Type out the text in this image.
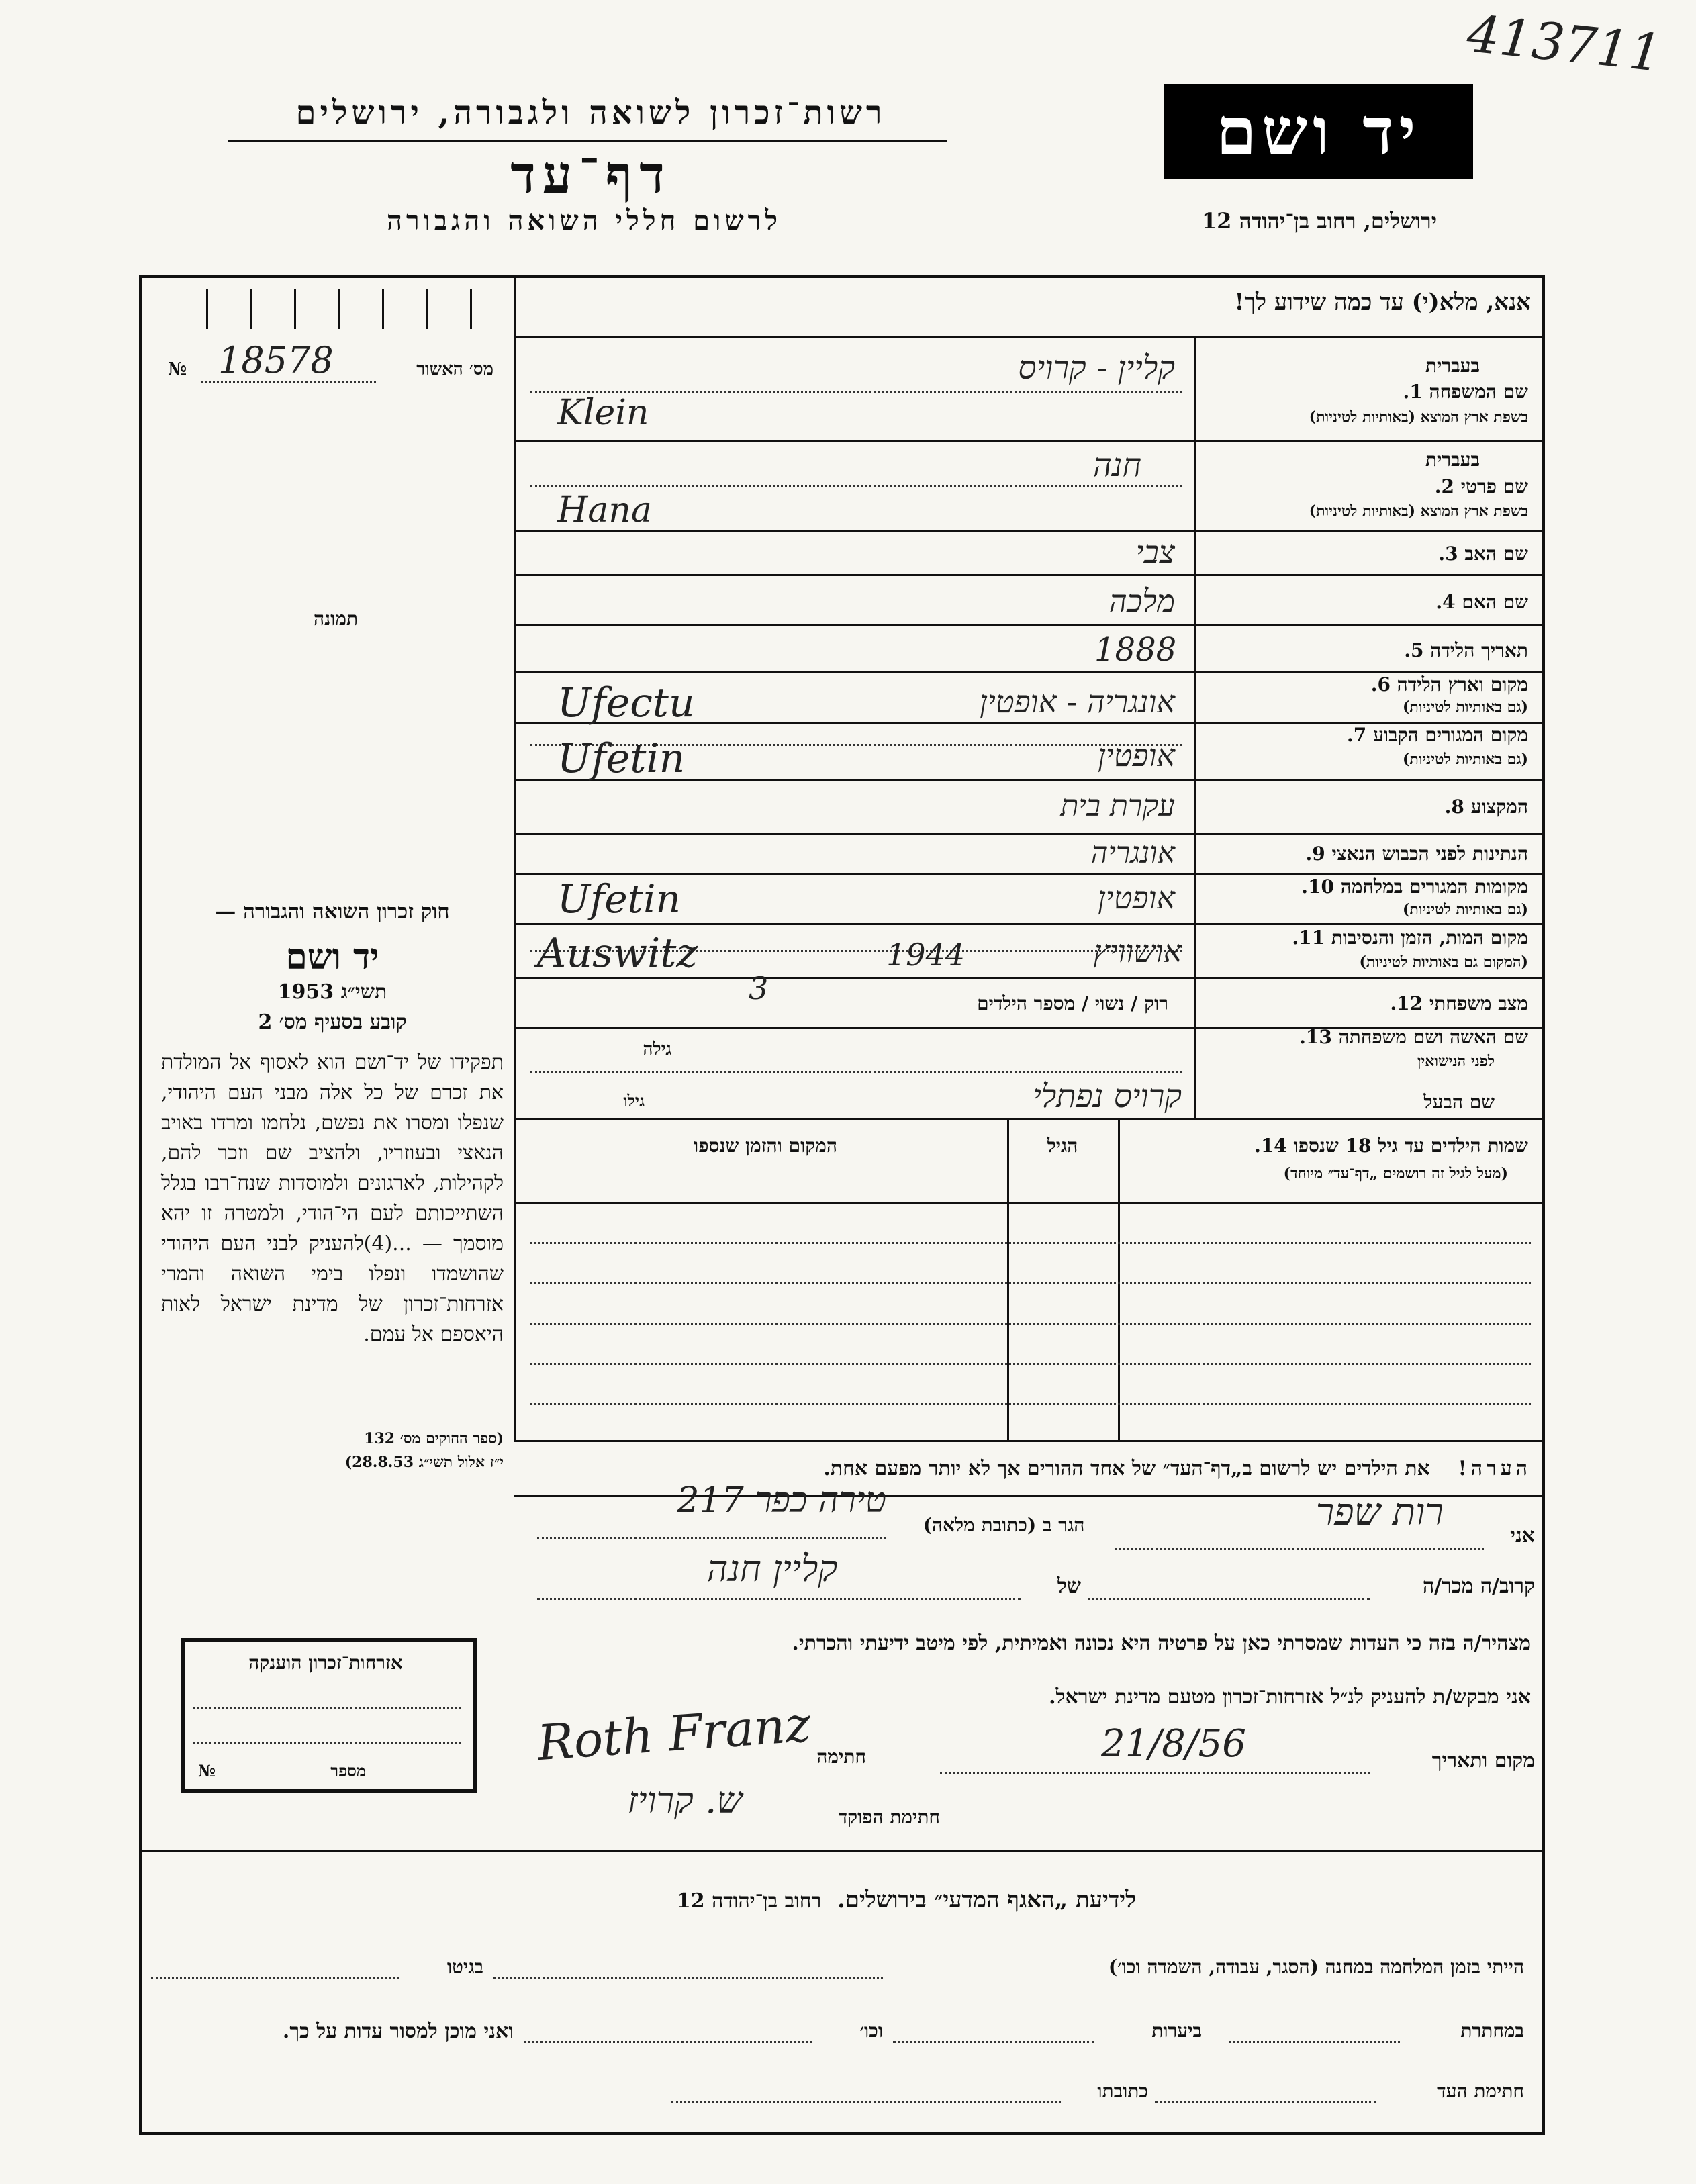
413711
רשות־זכרון לשואה ולגבורה, ירושלים
דף־עד
לרשום חללי השואה והגבורה
יד ושם
ירושלים, רחוב בן־יהודה 12
№ 18578	מס׳ האשור
תמונה
חוק זכרון השואה והגבורה —
יד ושם
תשי״ג 1953
קובע בסעיף מס׳ 2
תפקידו של יד־ושם הוא לאסוף אל המולדת את זכרם של כל אלה מבני העם היהודי, שנפלו ומסרו את נפשם, נלחמו ומרדו באויב הנאצי ובעוזריו, ולהציב שם וזכר להם, לקהילות, לארגונים ולמוסדות שנח־רבו בגלל השתייכותם לעם הי־הודי, ולמטרה זו יהא מוסמך — ...(4)להעניק לבני העם היהודי שהושמדו ונפלו בימי השואה והמרי אזרחות־זכרון של מדינת ישראל לאות היאספם אל עמם.
(ספר החוקים מס׳ 132
י״ז אלול תשי״ג 28.8.53)
אזרחות־זכרון הוענקה
№	מספר
אנא, מלא(י) עד כמה שידוע לך!
בעברית
שם המשפחה 1.
בשפת ארץ המוצא (באותיות לטיניות)
קליין - קרויס
Klein
בעברית
שם פרטי 2.
בשפת ארץ המוצא (באותיות לטיניות)
חנה
Hana
שם האב 3.
צבי
שם האם 4.
מלכה
תאריך הלידה 5.
1888
מקום וארץ הלידה 6.
(גם באותיות לטיניות)
אונגריה - אופטין
Ufectu
מקום המגורים הקבוע 7.
(גם באותיות לטיניות)
אופטין
Ufetin
המקצוע 8.
עקרת בית
הנתינות לפני הכבוש הנאצי 9.
אונגריה
מקומות המגורים במלחמה 10.
(גם באותיות לטיניות)
אופטין
Ufetin
מקום המות, הזמן והנסיבות 11.
(המקום גם באותיות לטיניות)
אושוויץ
1944
Auswitz
מצב משפחתי 12.
רוק / נשוי / מספר הילדים
3
שם האשה ושם משפחתה 13.
לפני הנישואין
גילה
קרויס נפתלי	שם הבעל
גילו
שמות הילדים עד גיל 18 שנספו 14.
(מעל לגיל זה רושמים „דף־עד״ מיוחד)
הגיל
המקום והזמן שנספו
הערה!    את הילדים יש לרשום ב„דף־העד״ של אחד ההורים אך לא יותר מפעם אחת.
אני
רות שפר
הגר ב (כתובת מלאה)
טירה כפר 217
קרוב/ה מכר/ה
של
קליין חנה
מצהיר/ה בזה כי העדות שמסרתי כאן על פרטיה היא נכונה ואמיתית, לפי מיטב ידיעתי והכרתי.
אני מבקש/ת להעניק לנ״ל אזרחות־זכרון מטעם מדינת ישראל.
מקום ותאריך
21/8/56
חתימה
Roth Franz
חתימת הפוקד
ש. קרויז
לידיעת „האגף המדעי״ בירושלים.  רחוב בן־יהודה 12
הייתי בזמן המלחמה במחנה (הסגר, עבודה, השמדה וכו׳)
בגיטו
במחתרת
ביערות
וכו׳
ואני מוכן למסור עדות על כך.
חתימת העד
כתובתו
